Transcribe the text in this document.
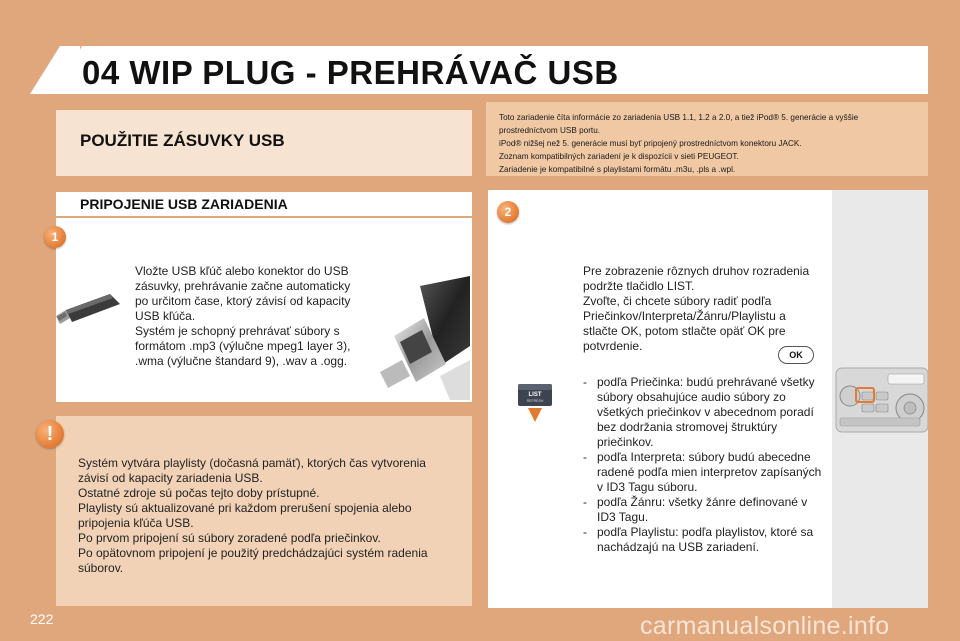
04 WIP PLUG - PREHRÁVAČ USB
POUŽITIE ZÁSUVKY USB
Toto zariadenie číta informácie zo zariadenia USB 1.1, 1.2 a 2.0, a tiež iPod® 5. generácie a vyššie
prostredníctvom USB portu.
iPod® nižšej než 5. generácie musí byť pripojený prostredníctvom konektoru JACK.
Zoznam kompatibilných zariadení je k dispozícii v sieti PEUGEOT.
Zariadenie je kompatibilné s playlistami formátu .m3u, .pls a .wpl.
PRIPOJENIE USB ZARIADENIA
1
Vložte USB kľúč alebo konektor do USB
zásuvky, prehrávanie začne automaticky
po určitom čase, ktorý závisí od kapacity
USB kľúča.
Systém je schopný prehrávať súbory s
formátom .mp3 (výlučne mpeg1 layer 3),
.wma (výlučne štandard 9), .wav a .ogg.
!
Systém vytvára playlisty (dočasná pamäť), ktorých čas vytvorenia
závisí od kapacity zariadenia USB.
Ostatné zdroje sú počas tejto doby prístupné.
Playlisty sú aktualizované pri každom prerušení spojenia alebo
pripojenia kľúča USB.
Po prvom pripojení sú súbory zoradené podľa priečinkov.
Po opätovnom pripojení je použitý predchádzajúci systém radenia
súborov.
2
Pre zobrazenie rôznych druhov rozradenia
podržte tlačidlo LIST.
Zvoľte, či chcete súbory radiť podľa
Priečinkov/Interpreta/Žánru/Playlistu a
stlačte OK, potom stlačte opäť OK pre
potvrdenie.
OK
LIST
REFRESH
- podľa Priečinka: budú prehrávané všetky súbory obsahujúce audio súbory zo všetkých priečinkov v abecednom poradí bez dodržania stromovej štruktúry priečinkov.
- podľa Interpreta: súbory budú abecedne radené podľa mien interpretov zapísaných v ID3 Tagu súboru.
- podľa Žánru: všetky žánre definované v ID3 Tagu.
- podľa Playlistu: podľa playlistov, ktoré sa nachádzajú na USB zariadení.
222	carmanualsonline.info
